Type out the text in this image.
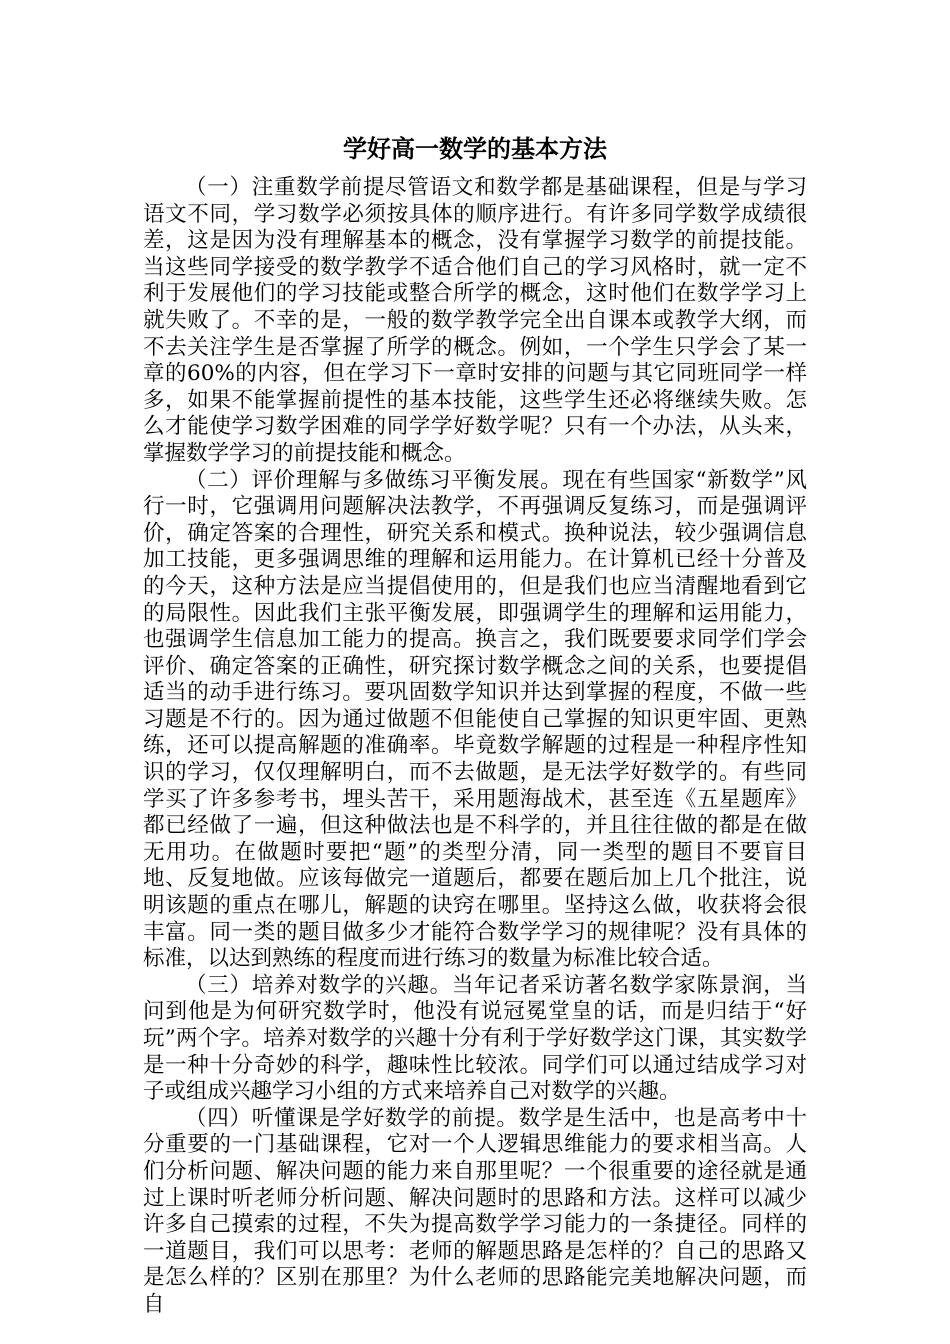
学好高一数学的基本方法

（一）注重数学前提尽管语文和数学都是基础课程，但是与学习语文不同，学习数学必须按具体的顺序进行。有许多同学数学成绩很差，这是因为没有理解基本的概念，没有掌握学习数学的前提技能。当这些同学接受的数学教学不适合他们自己的学习风格时，就一定不利于发展他们的学习技能或整合所学的概念，这时他们在数学学习上就失败了。不幸的是，一般的数学教学完全出自课本或教学大纲，而不去关注学生是否掌握了所学的概念。例如，一个学生只学会了某一章的60%的内容，但在学习下一章时安排的问题与其它同班同学一样多，如果不能掌握前提性的基本技能，这些学生还必将继续失败。怎么才能使学习数学困难的同学学好数学呢？只有一个办法，从头来，掌握数学学习的前提技能和概念。

（二）评价理解与多做练习平衡发展。现在有些国家“新数学”风行一时，它强调用问题解决法教学，不再强调反复练习，而是强调评价，确定答案的合理性，研究关系和模式。换种说法，较少强调信息加工技能，更多强调思维的理解和运用能力。在计算机已经十分普及的今天，这种方法是应当提倡使用的，但是我们也应当清醒地看到它的局限性。因此我们主张平衡发展，即强调学生的理解和运用能力，也强调学生信息加工能力的提高。换言之，我们既要要求同学们学会评价、确定答案的正确性，研究探讨数学概念之间的关系，也要提倡适当的动手进行练习。要巩固数学知识并达到掌握的程度，不做一些习题是不行的。因为通过做题不但能使自己掌握的知识更牢固、更熟练，还可以提高解题的准确率。毕竟数学解题的过程是一种程序性知识的学习，仅仅理解明白，而不去做题，是无法学好数学的。有些同学买了许多参考书，埋头苦干，采用题海战术，甚至连《五星题库》都已经做了一遍，但这种做法也是不科学的，并且往往做的都是在做无用功。在做题时要把“题”的类型分清，同一类型的题目不要盲目地、反复地做。应该每做完一道题后，都要在题后加上几个批注，说明该题的重点在哪儿，解题的诀窍在哪里。坚持这么做，收获将会很丰富。同一类的题目做多少才能符合数学学习的规律呢？没有具体的标准，以达到熟练的程度而进行练习的数量为标准比较合适。

（三）培养对数学的兴趣。当年记者采访著名数学家陈景润，当问到他是为何研究数学时，他没有说冠冕堂皇的话，而是归结于“好玩”两个字。培养对数学的兴趣十分有利于学好数学这门课，其实数学是一种十分奇妙的科学，趣味性比较浓。同学们可以通过结成学习对子或组成兴趣学习小组的方式来培养自己对数学的兴趣。

（四）听懂课是学好数学的前提。数学是生活中，也是高考中十分重要的一门基础课程，它对一个人逻辑思维能力的要求相当高。人们分析问题、解决问题的能力来自那里呢？一个很重要的途径就是通过上课时听老师分析问题、解决问题时的思路和方法。这样可以减少许多自己摸索的过程，不失为提高数学学习能力的一条捷径。同样的一道题目，我们可以思考：老师的解题思路是怎样的？自己的思路又是怎么样的？区别在那里？为什么老师的思路能完美地解决问题，而自
